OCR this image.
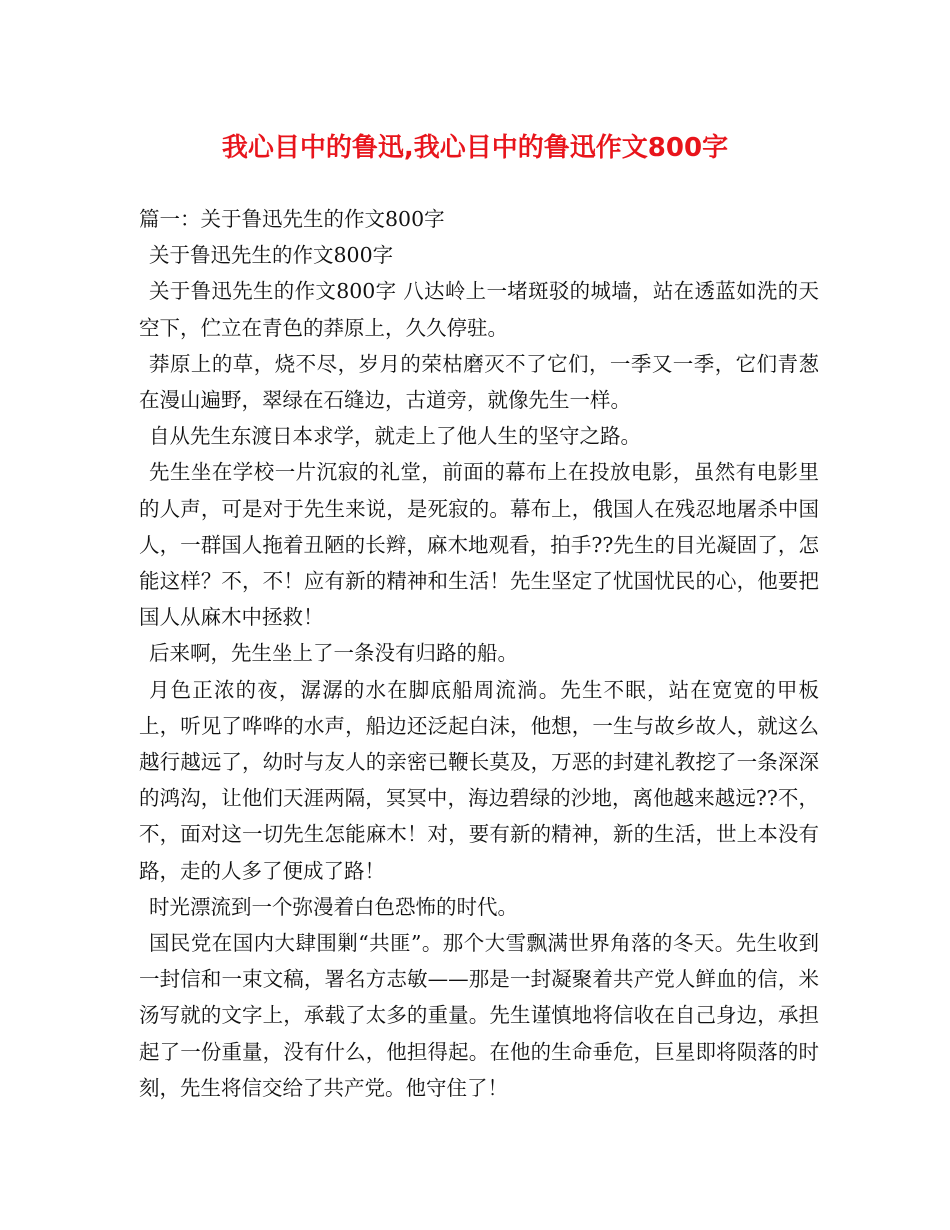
我心目中的鲁迅,我心目中的鲁迅作文800字

篇一：关于鲁迅先生的作文800字

关于鲁迅先生的作文800字

关于鲁迅先生的作文800字 八达岭上一堵斑驳的城墙，站在透蓝如洗的天空下，伫立在青色的莽原上，久久停驻。

莽原上的草，烧不尽，岁月的荣枯磨灭不了它们，一季又一季，它们青葱在漫山遍野，翠绿在石缝边，古道旁，就像先生一样。

自从先生东渡日本求学，就走上了他人生的坚守之路。

先生坐在学校一片沉寂的礼堂，前面的幕布上在投放电影，虽然有电影里的人声，可是对于先生来说，是死寂的。幕布上，俄国人在残忍地屠杀中国人，一群国人拖着丑陋的长辫，麻木地观看，拍手??先生的目光凝固了，怎能这样？不，不！应有新的精神和生活！先生坚定了忧国忧民的心，他要把国人从麻木中拯救！

后来啊，先生坐上了一条没有归路的船。

月色正浓的夜，潺潺的水在脚底船周流淌。先生不眠，站在宽宽的甲板上，听见了哗哗的水声，船边还泛起白沫，他想，一生与故乡故人，就这么越行越远了，幼时与友人的亲密已鞭长莫及，万恶的封建礼教挖了一条深深的鸿沟，让他们天涯两隔，冥冥中，海边碧绿的沙地，离他越来越远??不，不，面对这一切先生怎能麻木！对，要有新的精神，新的生活，世上本没有路，走的人多了便成了路！

时光漂流到一个弥漫着白色恐怖的时代。

国民党在国内大肆围剿“共匪”。那个大雪飘满世界角落的冬天。先生收到一封信和一束文稿，署名方志敏——那是一封凝聚着共产党人鲜血的信，米汤写就的文字上，承载了太多的重量。先生谨慎地将信收在自己身边，承担起了一份重量，没有什么，他担得起。在他的生命垂危，巨星即将陨落的时刻，先生将信交给了共产党。他守住了！
